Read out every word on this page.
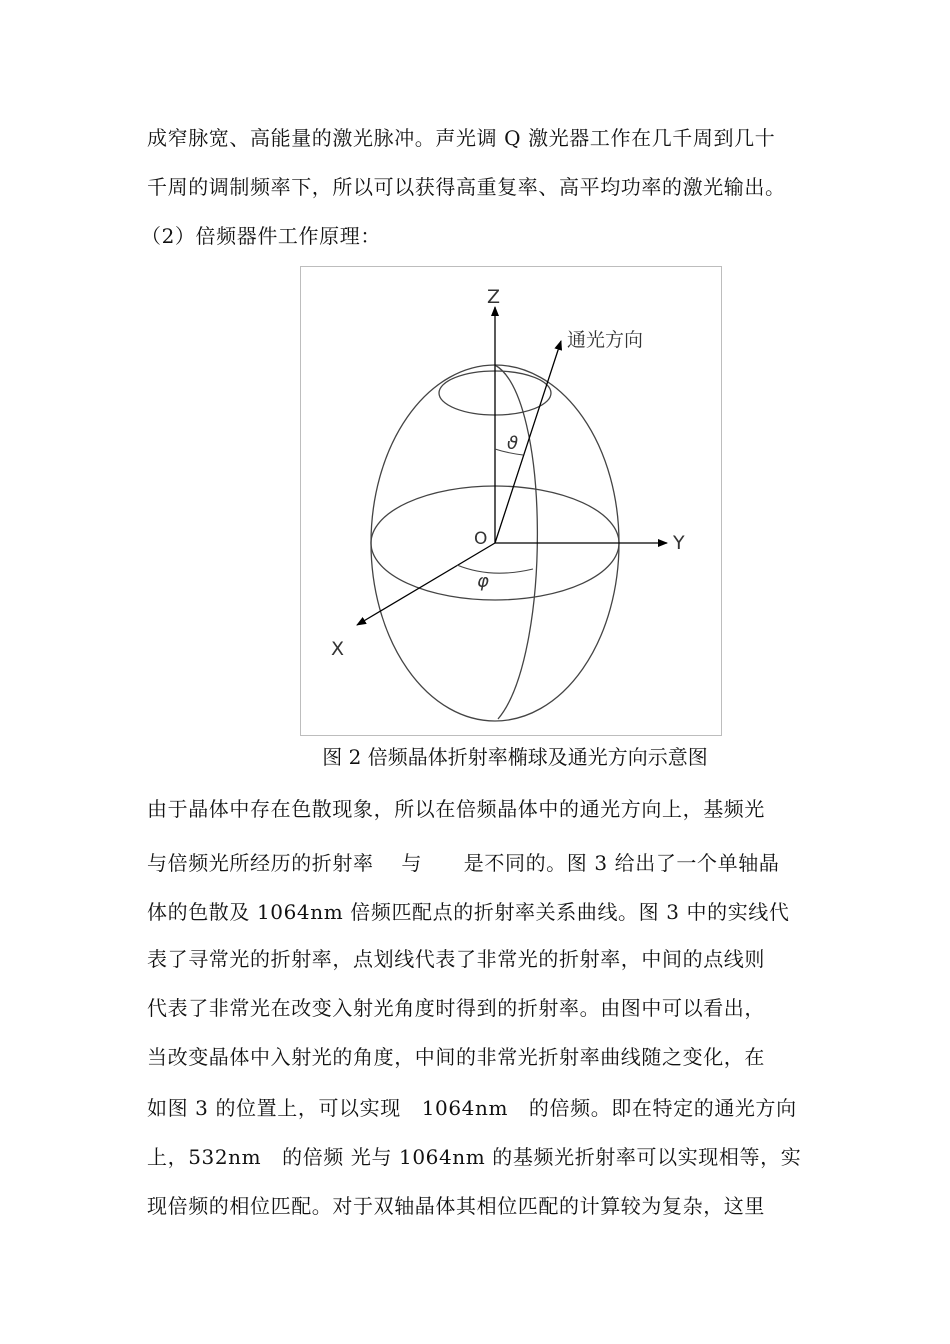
成窄脉宽、高能量的激光脉冲。声光调 Q 激光器工作在几千周到几十
千周的调制频率下，所以可以获得高重复率、高平均功率的激光输出。
（2）倍频器件工作原理：
Z
Y
X
O
通光方向
ϑ
φ
图 2 倍频晶体折射率椭球及通光方向示意图
由于晶体中存在色散现象，所以在倍频晶体中的通光方向上，基频光
与倍频光所经历的折射率    与      是不同的。图 3 给出了一个单轴晶
体的色散及 1064nm 倍频匹配点的折射率关系曲线。图 3 中的实线代
表了寻常光的折射率，点划线代表了非常光的折射率，中间的点线则
代表了非常光在改变入射光角度时得到的折射率。由图中可以看出，
当改变晶体中入射光的角度，中间的非常光折射率曲线随之变化，在
如图 3 的位置上，可以实现   1064nm   的倍频。即在特定的通光方向
上，532nm   的倍频 光与 1064nm 的基频光折射率可以实现相等，实
现倍频的相位匹配。对于双轴晶体其相位匹配的计算较为复杂，这里
